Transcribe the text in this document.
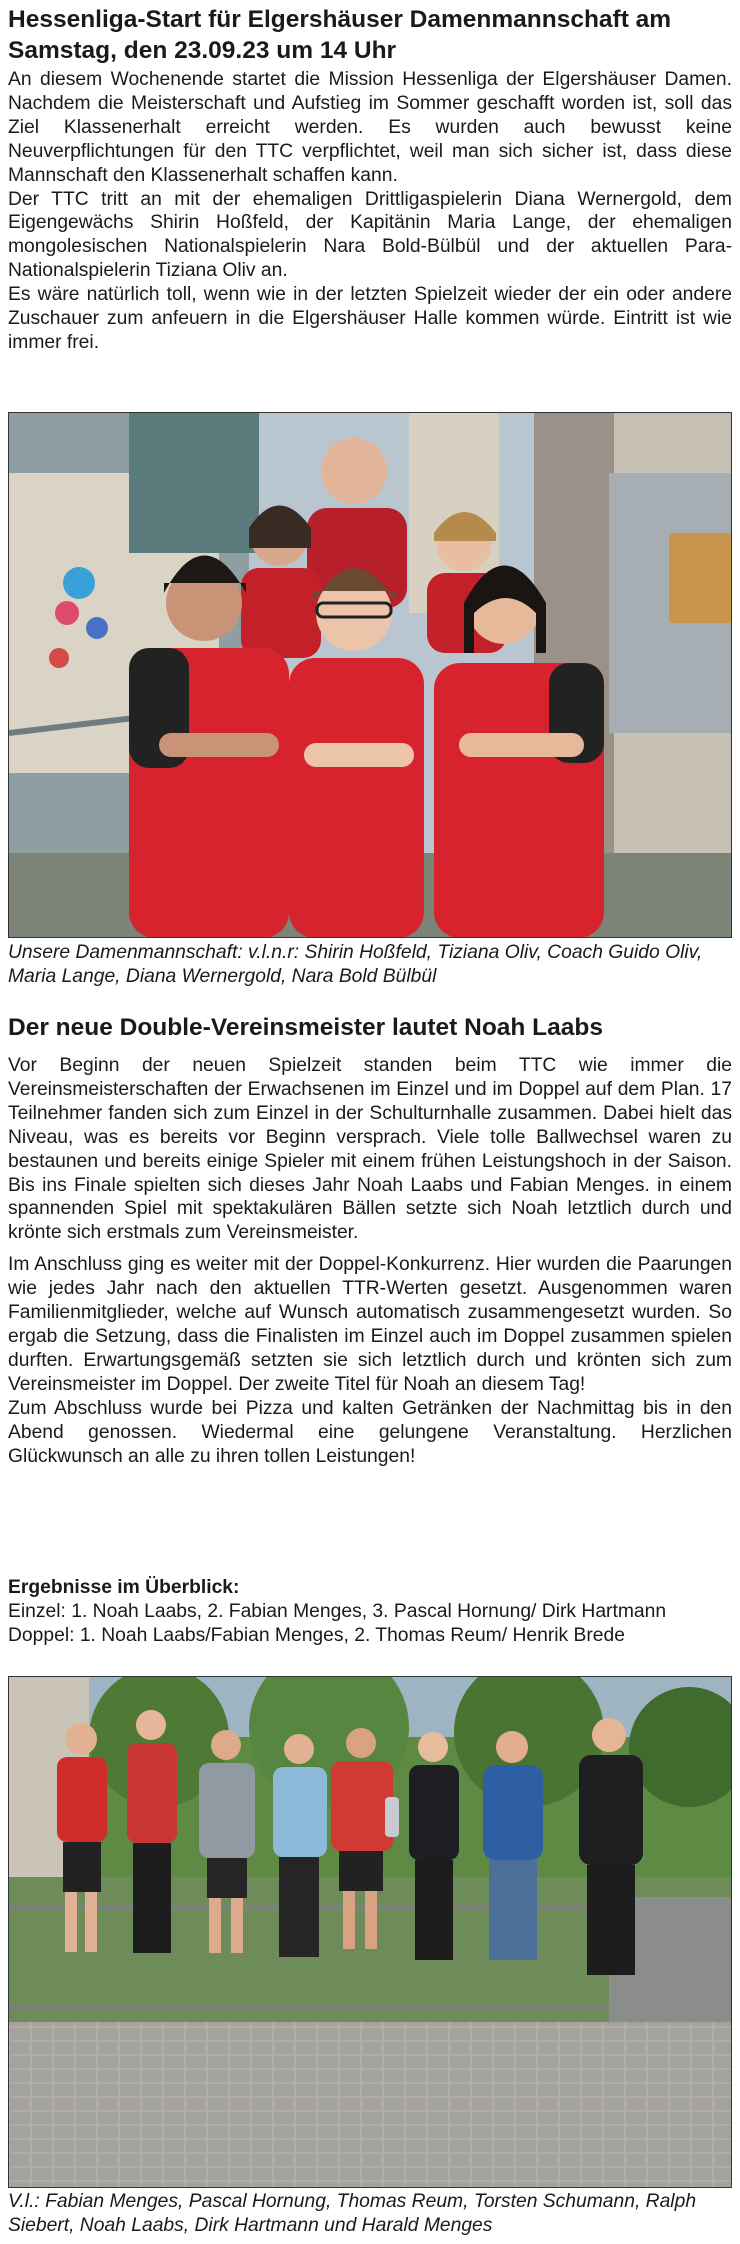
Hessenliga-Start für Elgershäuser Damenmannschaft am Samstag, den 23.09.23 um 14 Uhr

An diesem Wochenende startet die Mission Hessenliga der Elgershäuser Damen. Nachdem die Meisterschaft und Aufstieg im Sommer geschafft worden ist, soll das Ziel Klassenerhalt erreicht werden. Es wurden auch bewusst keine Neuverpflichtungen für den TTC verpflichtet, weil man sich sicher ist, dass diese Mannschaft den Klassenerhalt schaffen kann.

Der TTC tritt an mit der ehemaligen Drittligaspielerin Diana Wernergold, dem Eigengewächs Shirin Hoßfeld, der Kapitänin Maria Lange, der ehemaligen mongolesischen Nationalspielerin Nara Bold-Bülbül und der aktuellen Para-Nationalspielerin Tiziana Oliv an.

Es wäre natürlich toll, wenn wie in der letzten Spielzeit wieder der ein oder andere Zuschauer zum anfeuern in die Elgershäuser Halle kommen würde. Eintritt ist wie immer frei.

Unsere Damenmannschaft: v.l.n.r: Shirin Hoßfeld, Tiziana Oliv, Coach Guido Oliv, Maria Lange, Diana Wernergold, Nara Bold Bülbül
Der neue Double-Vereinsmeister lautet Noah Laabs

Vor Beginn der neuen Spielzeit standen beim TTC wie immer die Vereinsmeisterschaften der Erwachsenen im Einzel und im Doppel auf dem Plan. 17 Teilnehmer fanden sich zum Einzel in der Schulturnhalle zusammen. Dabei hielt das Niveau, was es bereits vor Beginn versprach. Viele tolle Ballwechsel waren zu bestaunen und bereits einige Spieler mit einem frühen Leistungshoch in der Saison. Bis ins Finale spielten sich dieses Jahr Noah Laabs und Fabian Menges. in einem spannenden Spiel mit spektakulären Bällen setzte sich Noah letztlich durch und krönte sich erstmals zum Vereinsmeister.

Im Anschluss ging es weiter mit der Doppel-Konkurrenz. Hier wurden die Paarungen wie jedes Jahr nach den aktuellen TTR-Werten gesetzt. Ausgenommen waren Familienmitglieder, welche auf Wunsch automatisch zusammengesetzt wurden. So ergab die Setzung, dass die Finalisten im Einzel auch im Doppel zusammen spielen durften. Erwartungsgemäß setzten sie sich letztlich durch und krönten sich zum Vereinsmeister im Doppel. Der zweite Titel für Noah an diesem Tag!

Zum Abschluss wurde bei Pizza und kalten Getränken der Nachmittag bis in den Abend genossen. Wiedermal eine gelungene Veranstaltung. Herzlichen Glückwunsch an alle zu ihren tollen Leistungen!

Ergebnisse im Überblick:
Einzel: 1. Noah Laabs, 2. Fabian Menges, 3. Pascal Hornung/ Dirk Hartmann
Doppel: 1. Noah Laabs/Fabian Menges, 2. Thomas Reum/ Henrik Brede
V.l.: Fabian Menges, Pascal Hornung, Thomas Reum, Torsten Schumann, Ralph Siebert, Noah Laabs, Dirk Hartmann und Harald Menges
